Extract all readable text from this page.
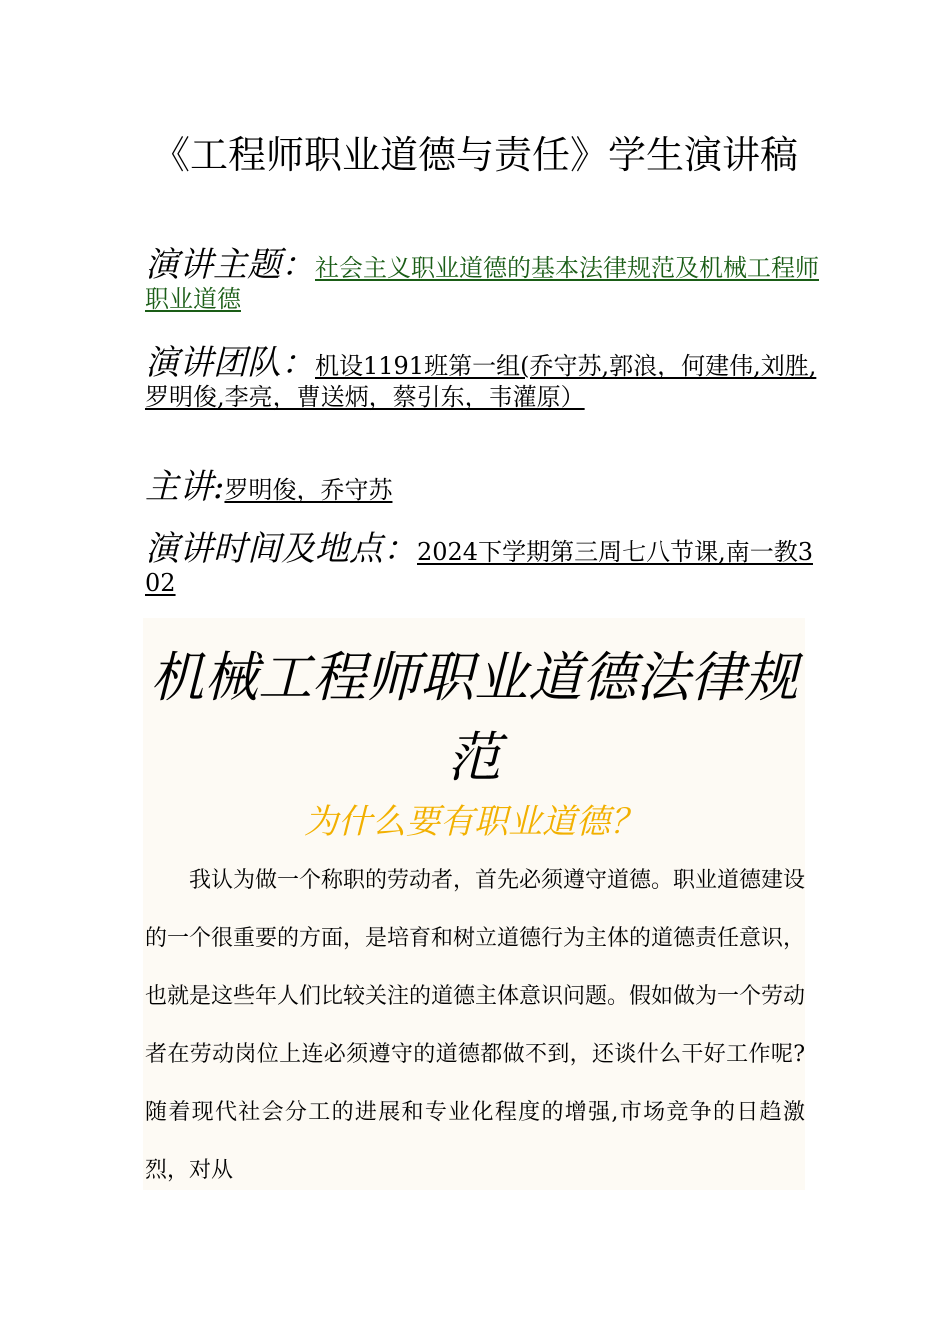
《工程师职业道德与责任》学生演讲稿

演讲主题：社会主义职业道德的基本法律规范及机械工程师职业道德

演讲团队：机设1191班第一组(乔守苏,郭浪，何建伟,刘胜,罗明俊,李亮，曹送炳，蔡引东，韦灌原）

主讲:罗明俊，乔守苏

演讲时间及地点：2024下学期第三周七八节课,南一教302

机械工程师职业道德法律规范
为什么要有职业道德？

我认为做一个称职的劳动者，首先必须遵守道德。职业道德建设的一个很重要的方面，是培育和树立道德行为主体的道德责任意识，也就是这些年人们比较关注的道德主体意识问题。假如做为一个劳动者在劳动岗位上连必须遵守的道德都做不到，还谈什么干好工作呢?随着现代社会分工的进展和专业化程度的增强,市场竞争的日趋激烈，对从
